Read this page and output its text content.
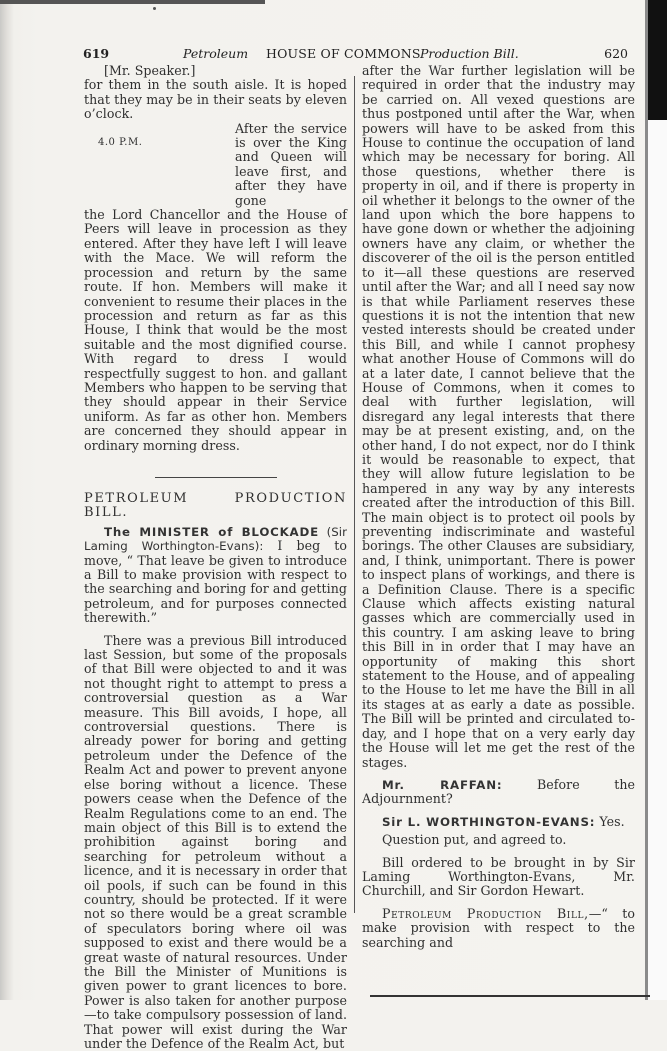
619	Petroleum HOUSE OF COMMONS Production Bill.	620

[Mr. Speaker.]

for them in the south aisle. It is hoped that they may be in their seats by eleven o’clock.

4.0 P.M.

After the service is over the King and Queen will leave first, and after they have gone

the Lord Chancellor and the House of Peers will leave in procession as they entered. After they have left I will leave with the Mace. We will reform the procession and return by the same route. If hon. Members will make it convenient to resume their places in the procession and return as far as this House, I think that would be the most suitable and the most dignified course. With regard to dress I would respectfully suggest to hon. and gallant Members who happen to be serving that they should appear in their Service uniform. As far as other hon. Members are concerned they should appear in ordinary morning dress.

PETROLEUM PRODUCTION BILL.

The MINISTER of BLOCKADE (Sir Laming Worthington-Evans): I beg to move, “ That leave be given to introduce a Bill to make provision with respect to the searching and boring for and getting petroleum, and for purposes connected therewith.”

There was a previous Bill introduced last Session, but some of the proposals of that Bill were objected to and it was not thought right to attempt to press a controversial question as a War measure. This Bill avoids, I hope, all controversial questions. There is already power for boring and getting petroleum under the Defence of the Realm Act and power to prevent anyone else boring without a licence. These powers cease when the Defence of the Realm Regulations come to an end. The main object of this Bill is to extend the prohibition against boring and searching for petroleum without a licence, and it is necessary in order that oil pools, if such can be found in this country, should be protected. If it were not so there would be a great scramble of speculators boring where oil was supposed to exist and there would be a great waste of natural resources. Under the Bill the Minister of Munitions is given power to grant licences to bore. Power is also taken for another purpose—to take compulsory possession of land. That power will exist during the War under the Defence of the Realm Act, but

after the War further legislation will be required in order that the industry may be carried on. All vexed questions are thus postponed until after the War, when powers will have to be asked from this House to continue the occupation of land which may be necessary for boring. All those questions, whether there is property in oil, and if there is property in oil whether it belongs to the owner of the land upon which the bore happens to have gone down or whether the adjoining owners have any claim, or whether the discoverer of the oil is the person entitled to it—all these questions are reserved until after the War; and all I need say now is that while Parliament reserves these questions it is not the intention that new vested interests should be created under this Bill, and while I cannot prophesy what another House of Commons will do at a later date, I cannot believe that the House of Commons, when it comes to deal with further legislation, will disregard any legal interests that there may be at present existing, and, on the other hand, I do not expect, nor do I think it would be reasonable to expect, that they will allow future legislation to be hampered in any way by any interests created after the introduction of this Bill. The main object is to protect oil pools by preventing indiscriminate and wasteful borings. The other Clauses are subsidiary, and, I think, unimportant. There is power to inspect plans of workings, and there is a Definition Clause. There is a specific Clause which affects existing natural gasses which are commercially used in this country. I am asking leave to bring this Bill in in order that I may have an opportunity of making this short statement to the House, and of appealing to the House to let me have the Bill in all its stages at as early a date as possible. The Bill will be printed and circulated to-day, and I hope that on a very early day the House will let me get the rest of the stages.

Mr. RAFFAN:	Before the Adjournment?

Sir L. WORTHINGTON-EVANS: Yes.

Question put, and agreed to.

Bill ordered to be brought in by Sir Laming Worthington-Evans, Mr. Churchill, and Sir Gordon Hewart.

Petroleum Production Bill,—“ to make provision with respect to the searching and
